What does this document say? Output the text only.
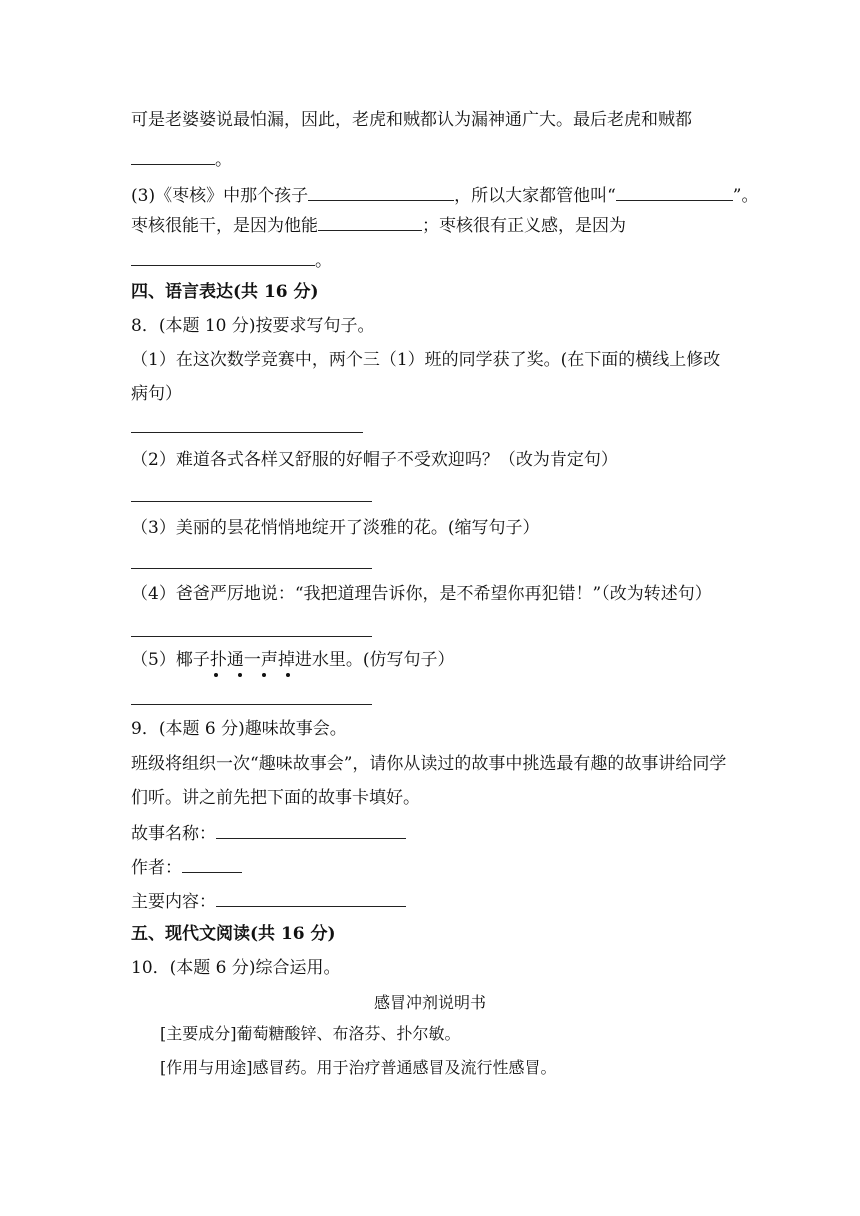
可是老婆婆说最怕漏，因此，老虎和贼都认为漏神通广大。最后老虎和贼都
。
(3)《枣核》中那个孩子	，所以大家都管他叫“	”。
枣核很能干，是因为他能	；枣核很有正义感，是因为
。
四、语言表达(共 16 分)
8．(本题 10 分)按要求写句子。
（1）在这次数学竞赛中，两个三（1）班的同学获了奖。(在下面的横线上修改
病句）
（2）难道各式各样又舒服的好帽子不受欢迎吗？（改为肯定句）
（3）美丽的昙花悄悄地绽开了淡雅的花。(缩写句子）
（4）爸爸严厉地说：“我把道理告诉你，是不希望你再犯错！”（改为转述句）
（5）椰子扑通一声掉进水里。(仿写句子）
9．(本题 6 分)趣味故事会。
班级将组织一次“趣味故事会”，请你从读过的故事中挑选最有趣的故事讲给同学
们听。讲之前先把下面的故事卡填好。
故事名称：
作者：
主要内容：
五、现代文阅读(共 16 分)
10．(本题 6 分)综合运用。
感冒冲剂说明书
[主要成分]葡萄糖酸锌、布洛芬、扑尔敏。
[作用与用途]感冒药。用于治疗普通感冒及流行性感冒。
